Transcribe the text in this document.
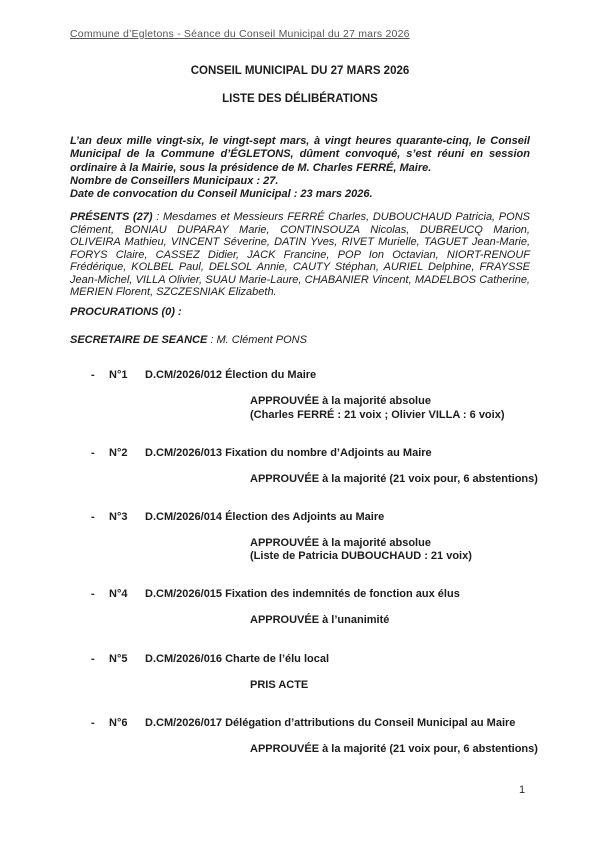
Commune d’Egletons - Séance du Conseil Municipal du 27 mars 2026
CONSEIL MUNICIPAL DU 27 MARS 2026
LISTE DES DÉLIBÉRATIONS

L’an deux mille vingt-six, le vingt-sept mars, à vingt heures quarante-cinq, le Conseil Municipal de la Commune d’ÉGLETONS, dûment convoqué, s’est réuni en session ordinaire à la Mairie, sous la présidence de M. Charles FERRÉ, Maire.
Nombre de Conseillers Municipaux : 27.
Date de convocation du Conseil Municipal : 23 mars 2026.

PRÉSENTS (27) : Mesdames et Messieurs FERRÉ Charles, DUBOUCHAUD Patricia, PONS Clément, BONIAU DUPARAY Marie, CONTINSOUZA Nicolas, DUBREUCQ Marion, OLIVEIRA Mathieu, VINCENT Séverine, DATIN Yves, RIVET Murielle, TAGUET Jean-Marie, FORYS Claire, CASSEZ Didier, JACK Francine, POP Ion Octavian, NIORT-RENOUF Frédérique, KOLBEL Paul, DELSOL Annie, CAUTY Stéphan, AURIEL Delphine, FRAYSSE Jean-Michel, VILLA Olivier, SUAU Marie-Laure, CHABANIER Vincent, MADELBOS Catherine, MERIEN Florent, SZCZESNIAK Elizabeth.

PROCURATIONS (0) :

SECRETAIRE DE SEANCE : M. Clément PONS

-	N°1	D.CM/2026/012 Élection du Maire
APPROUVÉE à la majorité absolue
(Charles FERRÉ : 21 voix ; Olivier VILLA : 6 voix)
-	N°2	D.CM/2026/013 Fixation du nombre d’Adjoints au Maire
APPROUVÉE à la majorité (21 voix pour, 6 abstentions)
-	N°3	D.CM/2026/014 Élection des Adjoints au Maire
APPROUVÉE à la majorité absolue
(Liste de Patricia DUBOUCHAUD : 21 voix)
-	N°4	D.CM/2026/015 Fixation des indemnités de fonction aux élus
APPROUVÉE à l’unanimité
-	N°5	D.CM/2026/016 Charte de l’élu local
PRIS ACTE
-	N°6	D.CM/2026/017 Délégation d’attributions du Conseil Municipal au Maire
APPROUVÉE à la majorité (21 voix pour, 6 abstentions)
1
